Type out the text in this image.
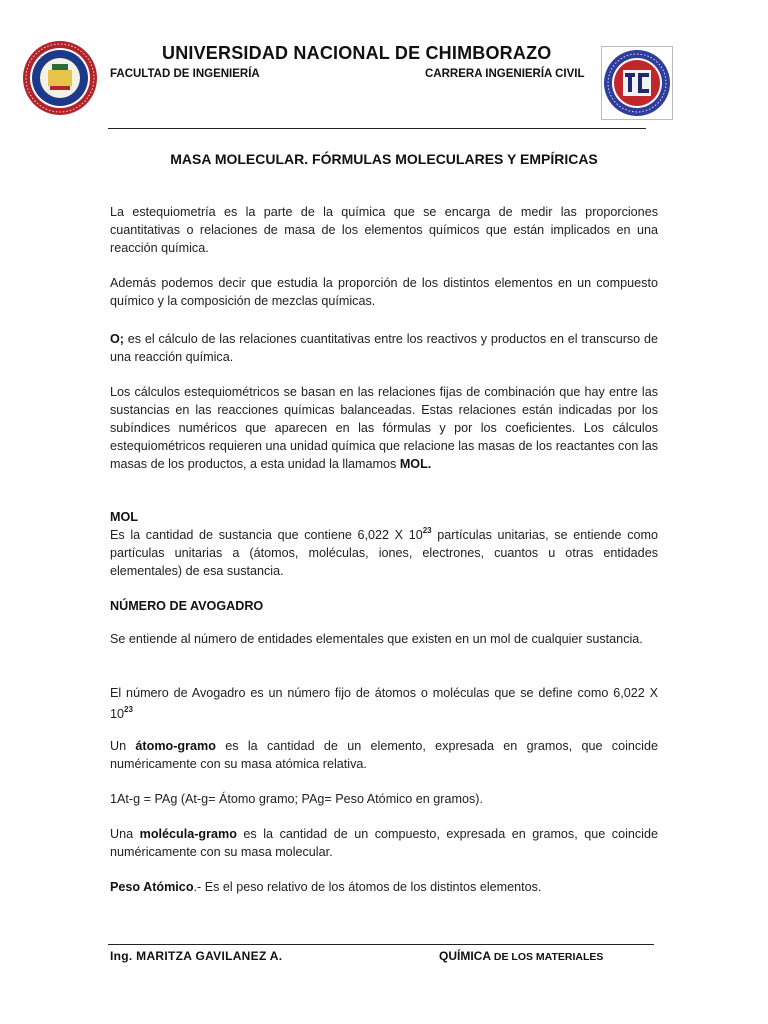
UNIVERSIDAD NACIONAL DE CHIMBORAZO
FACULTAD DE INGENIERÍA	CARRERA INGENIERÍA CIVIL
MASA MOLECULAR. FÓRMULAS MOLECULARES Y EMPÍRICAS
La estequiometría es la parte de la química que se encarga de medir las proporciones cuantitativas o relaciones de masa de los elementos químicos que están implicados en una reacción química.
Además podemos decir que estudia la proporción de los distintos elementos en un compuesto químico y la composición de mezclas químicas.
O; es el cálculo de las relaciones cuantitativas entre los reactivos y productos en el transcurso de una reacción química.
Los cálculos estequiométricos se basan en las relaciones fijas de combinación que hay entre las sustancias en las reacciones químicas balanceadas. Estas relaciones están indicadas por los subíndices numéricos que aparecen en las fórmulas y por los coeficientes. Los cálculos estequiométricos requieren una unidad química que relacione las masas de los reactantes con las masas de los productos, a esta unidad la llamamos MOL.
MOL
Es la cantidad de sustancia que contiene 6,022 X $10^{23}$ partículas unitarias, se entiende como partículas unitarias a (átomos, moléculas, iones, electrones, cuantos u otras entidades elementales) de esa sustancia.
NÚMERO DE AVOGADRO
Se entiende al número de entidades elementales que existen en un mol de cualquier sustancia.
El número de Avogadro es un número fijo de átomos o moléculas que se define como 6,022 X $10^{23}$
Un átomo-gramo es la cantidad de un elemento, expresada en gramos, que coincide numéricamente con su masa atómica relativa.
1At-g = PAg (At-g= Átomo gramo; PAg= Peso Atómico en gramos).
Una molécula-gramo es la cantidad de un compuesto, expresada en gramos, que coincide numéricamente con su masa molecular.
Peso Atómico.- Es el peso relativo de los átomos de los distintos elementos.
Ing. MARITZA GAVILANEZ A.	QUÍMICA DE LOS MATERIALES
